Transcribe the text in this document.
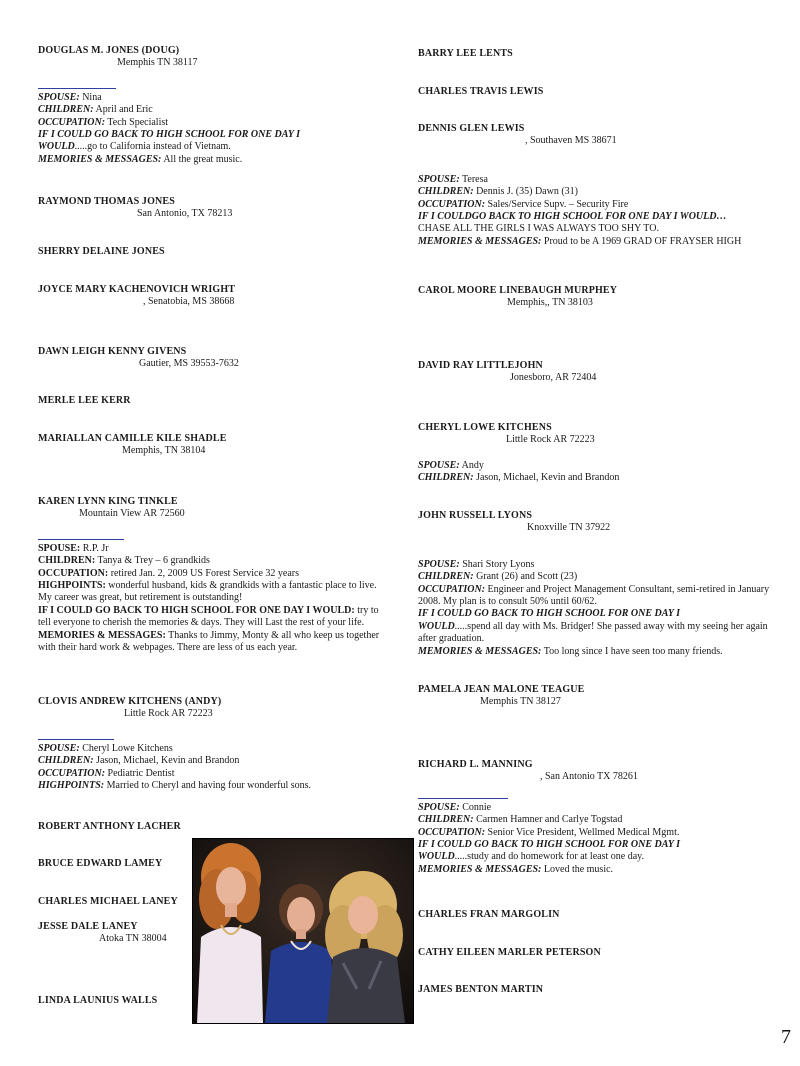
DOUGLAS M. JONES (DOUG)
Memphis TN 38117
SPOUSE: Nina
CHILDREN: April and Eric
OCCUPATION: Tech Specialist
IF I COULD GO BACK TO HIGH SCHOOL FOR ONE DAY I
WOULD.....go to California instead of Vietnam.
MEMORIES & MESSAGES: All the great music.
RAYMOND THOMAS JONES
San Antonio, TX 78213
SHERRY DELAINE JONES
JOYCE MARY KACHENOVICH WRIGHT
, Senatobia, MS 38668
DAWN LEIGH KENNY GIVENS
Gautier, MS 39553-7632
MERLE LEE KERR
MARIALLAN CAMILLE KILE SHADLE
Memphis, TN 38104
KAREN LYNN KING TINKLE
Mountain View AR 72560
SPOUSE: R.P. Jr
CHILDREN: Tanya & Trey – 6 grandkids
OCCUPATION: retired Jan. 2, 2009 US Forest Service 32 years
HIGHPOINTS: wonderful husband, kids & grandkids with a fantastic place to live. My career was great, but retirement is outstanding!
IF I COULD GO BACK TO HIGH SCHOOL FOR ONE DAY I WOULD: try to tell everyone to cherish the memories & days. They will Last the rest of your life.
MEMORIES & MESSAGES: Thanks to Jimmy, Monty & all who keep us together with their hard work & webpages. There are less of us each year.
CLOVIS ANDREW KITCHENS (ANDY)
Little Rock AR 72223
SPOUSE: Cheryl Lowe Kitchens
CHILDREN: Jason, Michael, Kevin and Brandon
OCCUPATION: Pediatric Dentist
HIGHPOINTS: Married to Cheryl and having four wonderful sons.
ROBERT ANTHONY LACHER
BRUCE EDWARD LAMEY
CHARLES MICHAEL LANEY
JESSE DALE LANEY
Atoka TN 38004
LINDA LAUNIUS WALLS
BARRY LEE LENTS
CHARLES TRAVIS LEWIS
DENNIS GLEN LEWIS
, Southaven MS 38671
SPOUSE: Teresa
CHILDREN: Dennis J. (35) Dawn (31)
OCCUPATION: Sales/Service Supv. – Security Fire
IF I COULDGO BACK TO HIGH SCHOOL FOR ONE DAY I WOULD…
CHASE ALL THE GIRLS I WAS ALWAYS TOO SHY TO.
MEMORIES & MESSAGES: Proud to be A 1969 GRAD OF FRAYSER HIGH
CAROL MOORE LINEBAUGH MURPHEY
Memphis,, TN 38103
DAVID RAY LITTLEJOHN
Jonesboro, AR 72404
CHERYL LOWE KITCHENS
Little Rock AR 72223
SPOUSE: Andy
CHILDREN: Jason, Michael, Kevin and Brandon
JOHN RUSSELL LYONS
Knoxville TN 37922
SPOUSE: Shari Story Lyons
CHILDREN: Grant (26) and Scott (23)
OCCUPATION: Engineer and Project Management Consultant, semi-retired in January 2008. My plan is to consult 50% until 60/62.
IF I COULD GO BACK TO HIGH SCHOOL FOR ONE DAY I
WOULD.....spend all day with Ms. Bridger! She passed away with my seeing her again after graduation.
MEMORIES & MESSAGES: Too long since I have seen too many friends.
PAMELA JEAN MALONE TEAGUE
Memphis TN 38127
RICHARD L. MANNING
, San Antonio TX 78261
SPOUSE: Connie
CHILDREN: Carmen Hamner and Carlye Togstad
OCCUPATION: Senior Vice President, Wellmed Medical Mgmt.
IF I COULD GO BACK TO HIGH SCHOOL FOR ONE DAY I
WOULD.....study and do homework for at least one day.
MEMORIES & MESSAGES: Loved the music.
CHARLES FRAN MARGOLIN
CATHY EILEEN MARLER PETERSON
JAMES BENTON MARTIN
7
